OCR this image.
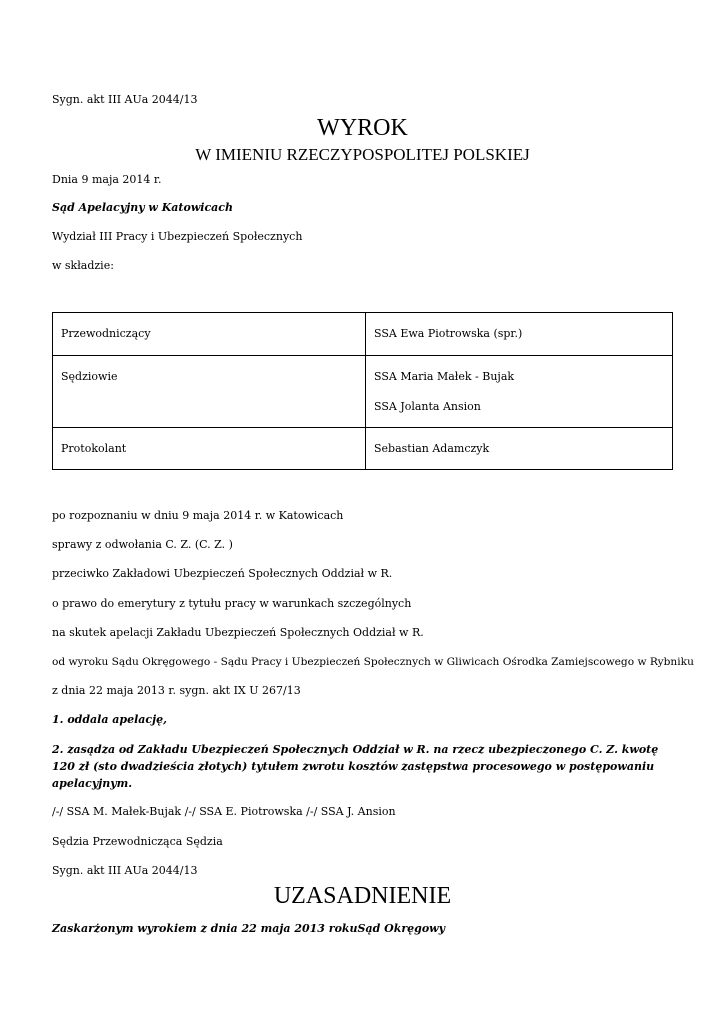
Sygn. akt III AUa 2044/13
WYROK
W IMIENIU RZECZYPOSPOLITEJ POLSKIEJ
Dnia 9 maja 2014 r.
Sąd Apelacyjny w Katowicach
Wydział III Pracy i Ubezpieczeń Społecznych
w składzie:
Przewodniczący	SSA Ewa Piotrowska (spr.)

Sędziowie	SSA Maria Małek - Bujak
SSA Jolanta Ansion

Protokolant	Sebastian Adamczyk
po rozpoznaniu w dniu 9 maja 2014 r. w Katowicach
sprawy z odwołania C. Z. (C. Z. )
przeciwko Zakładowi Ubezpieczeń Społecznych Oddział w R.
o prawo do emerytury z tytułu pracy w warunkach szczególnych
na skutek apelacji Zakładu Ubezpieczeń Społecznych Oddział w R.
od wyroku Sądu Okręgowego - Sądu Pracy i Ubezpieczeń Społecznych w Gliwicach Ośrodka Zamiejscowego w Rybniku
z dnia 22 maja 2013 r. sygn. akt IX U 267/13
1. oddala apelację,
2. zasądza od Zakładu Ubezpieczeń Społecznych Oddział w R. na rzecz ubezpieczonego C. Z. kwotę 120 zł (sto dwadzieścia złotych) tytułem zwrotu kosztów zastępstwa procesowego w postępowaniu apelacyjnym.
/-/ SSA M. Małek-Bujak /-/ SSA E. Piotrowska /-/ SSA J. Ansion
Sędzia Przewodnicząca Sędzia
Sygn. akt III AUa 2044/13
UZASADNIENIE
Zaskarżonym wyrokiem z dnia 22 maja 2013 rokuSąd Okręgowy
